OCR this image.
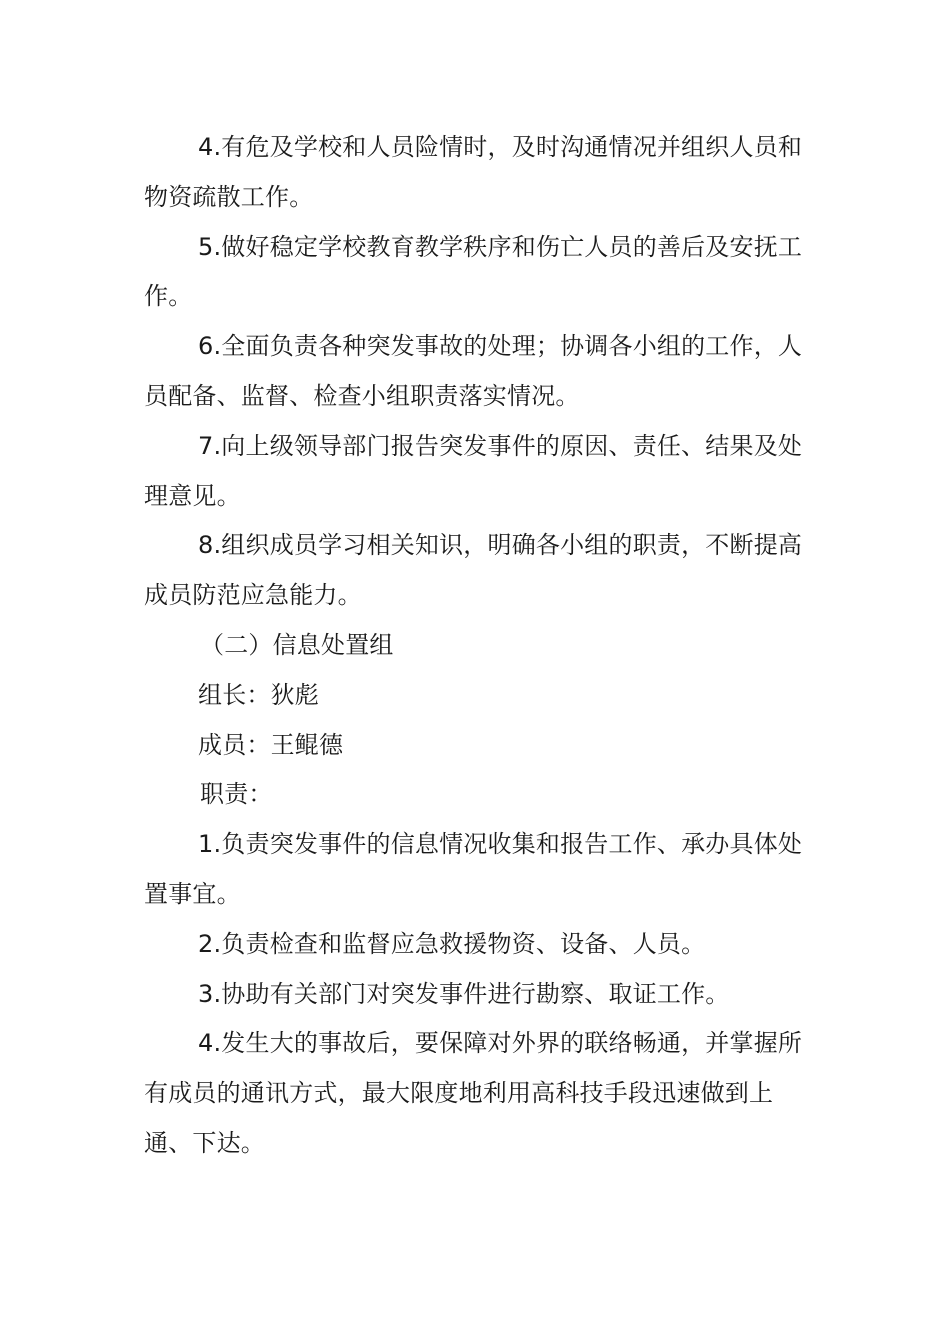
4.有危及学校和人员险情时，及时沟通情况并组织人员和物资疏散工作。

5.做好稳定学校教育教学秩序和伤亡人员的善后及安抚工作。

6.全面负责各种突发事故的处理；协调各小组的工作，人员配备、监督、检查小组职责落实情况。

7.向上级领导部门报告突发事件的原因、责任、结果及处理意见。

8.组织成员学习相关知识，明确各小组的职责，不断提高成员防范应急能力。

（二）信息处置组

组长：狄彪

成员：王鲲德

职责：

1.负责突发事件的信息情况收集和报告工作、承办具体处置事宜。

2.负责检查和监督应急救援物资、设备、人员。

3.协助有关部门对突发事件进行勘察、取证工作。

4.发生大的事故后，要保障对外界的联络畅通，并掌握所有成员的通讯方式，最大限度地利用高科技手段迅速做到上通、下达。
